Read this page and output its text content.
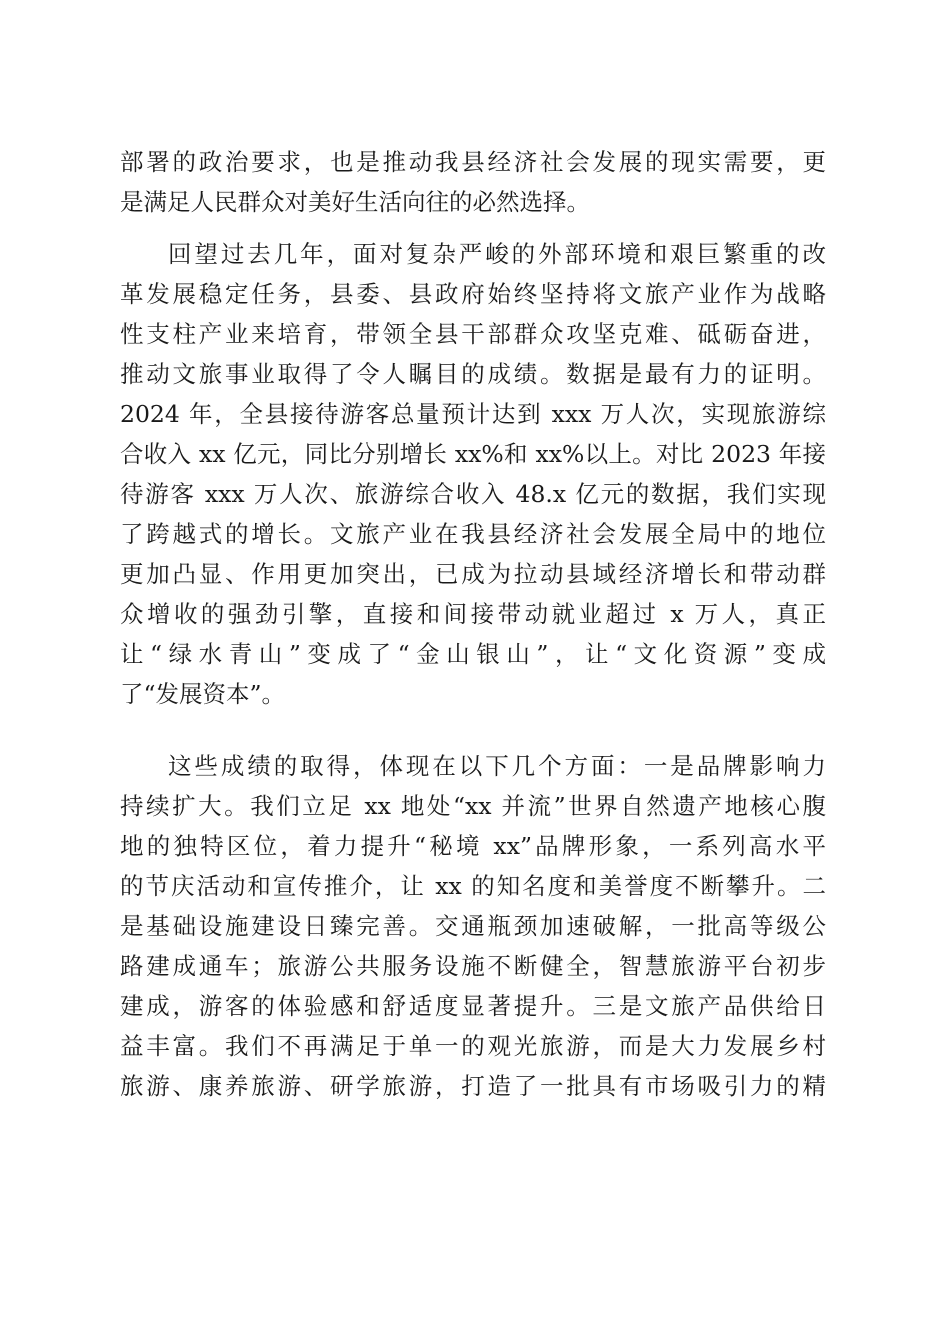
部署的政治要求，也是推动我县经济社会发展的现实需要，更
是满足人民群众对美好生活向往的必然选择。
回望过去几年，面对复杂严峻的外部环境和艰巨繁重的改
革发展稳定任务，县委、县政府始终坚持将文旅产业作为战略
性支柱产业来培育，带领全县干部群众攻坚克难、砥砺奋进，
推动文旅事业取得了令人瞩目的成绩。数据是最有力的证明。
2024 年，全县接待游客总量预计达到 xxx 万人次，实现旅游综
合收入 xx 亿元，同比分别增长 xx%和 xx%以上。对比 2023 年接
待游客 xxx 万人次、旅游综合收入 48.x 亿元的数据，我们实现
了跨越式的增长。文旅产业在我县经济社会发展全局中的地位
更加凸显、作用更加突出，已成为拉动县域经济增长和带动群
众增收的强劲引擎，直接和间接带动就业超过 x 万人，真正
让“绿水青山”变成了“金山银山”，让“文化资源”变成
了“发展资本”。
这些成绩的取得，体现在以下几个方面：一是品牌影响力
持续扩大。我们立足 xx 地处“xx 并流”世界自然遗产地核心腹
地的独特区位，着力提升“秘境 xx”品牌形象，一系列高水平
的节庆活动和宣传推介，让 xx 的知名度和美誉度不断攀升。二
是基础设施建设日臻完善。交通瓶颈加速破解，一批高等级公
路建成通车；旅游公共服务设施不断健全，智慧旅游平台初步
建成，游客的体验感和舒适度显著提升。三是文旅产品供给日
益丰富。我们不再满足于单一的观光旅游，而是大力发展乡村
旅游、康养旅游、研学旅游，打造了一批具有市场吸引力的精
